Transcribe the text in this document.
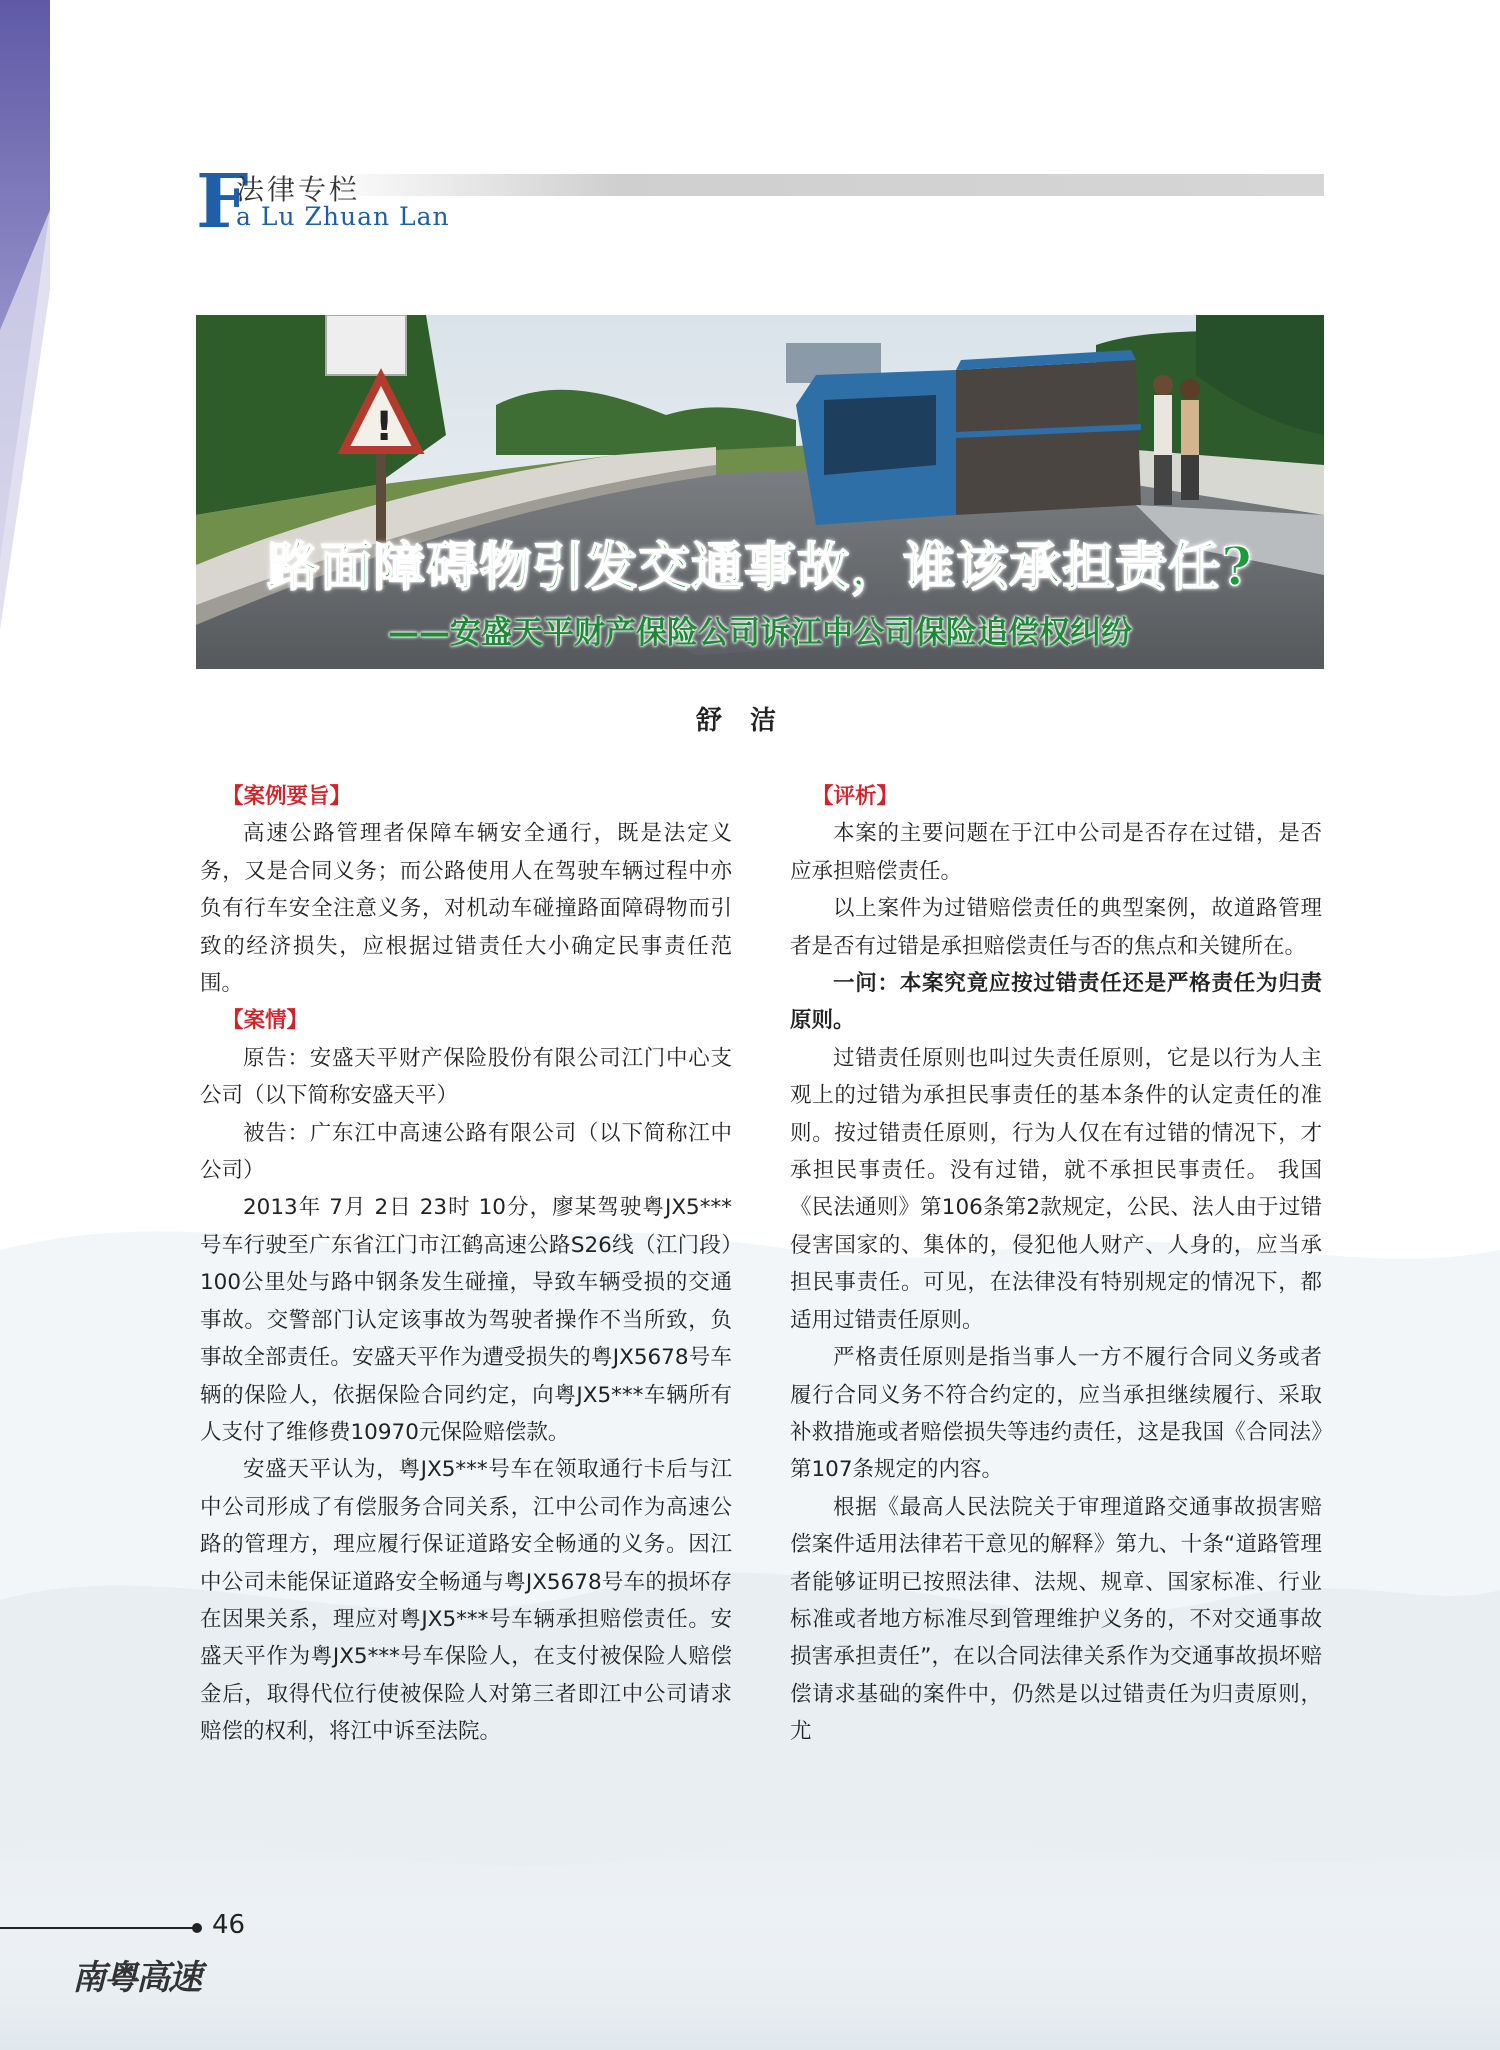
F
法律专栏
a Lu Zhuan Lan
!
路面障碍物引发交通事故，谁该承担责任?
——安盛天平财产保险公司诉江中公司保险追偿权纠纷
舒洁

【案例要旨】

高速公路管理者保障车辆安全通行，既是法定义务，又是合同义务；而公路使用人在驾驶车辆过程中亦负有行车安全注意义务，对机动车碰撞路面障碍物而引致的经济损失，应根据过错责任大小确定民事责任范围。

【案情】

原告：安盛天平财产保险股份有限公司江门中心支公司（以下简称安盛天平）

被告：广东江中高速公路有限公司（以下简称江中公司）

2013年 7月 2日 23时 10分，廖某驾驶粤JX5***号车行驶至广东省江门市江鹤高速公路S26线（江门段）100公里处与路中钢条发生碰撞，导致车辆受损的交通事故。交警部门认定该事故为驾驶者操作不当所致，负事故全部责任。安盛天平作为遭受损失的粤JX5678号车辆的保险人，依据保险合同约定，向粤JX5***车辆所有人支付了维修费10970元保险赔偿款。

安盛天平认为，粤JX5***号车在领取通行卡后与江中公司形成了有偿服务合同关系，江中公司作为高速公路的管理方，理应履行保证道路安全畅通的义务。因江中公司未能保证道路安全畅通与粤JX5678号车的损坏存在因果关系，理应对粤JX5***号车辆承担赔偿责任。安盛天平作为粤JX5***号车保险人，在支付被保险人赔偿金后，取得代位行使被保险人对第三者即江中公司请求赔偿的权利，将江中诉至法院。

【评析】

本案的主要问题在于江中公司是否存在过错，是否应承担赔偿责任。

以上案件为过错赔偿责任的典型案例，故道路管理者是否有过错是承担赔偿责任与否的焦点和关键所在。

一问：本案究竟应按过错责任还是严格责任为归责原则。

过错责任原则也叫过失责任原则，它是以行为人主观上的过错为承担民事责任的基本条件的认定责任的准则。按过错责任原则，行为人仅在有过错的情况下，才承担民事责任。没有过错，就不承担民事责任。 我国《民法通则》第106条第2款规定，公民、法人由于过错侵害国家的、集体的，侵犯他人财产、人身的，应当承担民事责任。可见，在法律没有特别规定的情况下，都适用过错责任原则。

严格责任原则是指当事人一方不履行合同义务或者履行合同义务不符合约定的，应当承担继续履行、采取补救措施或者赔偿损失等违约责任，这是我国《合同法》第107条规定的内容。

根据《最高人民法院关于审理道路交通事故损害赔偿案件适用法律若干意见的解释》第九、十条“道路管理者能够证明已按照法律、法规、规章、国家标准、行业标准或者地方标准尽到管理维护义务的，不对交通事故损害承担责任”，在以合同法律关系作为交通事故损坏赔偿请求基础的案件中，仍然是以过错责任为归责原则，尤

46
南粤高速
